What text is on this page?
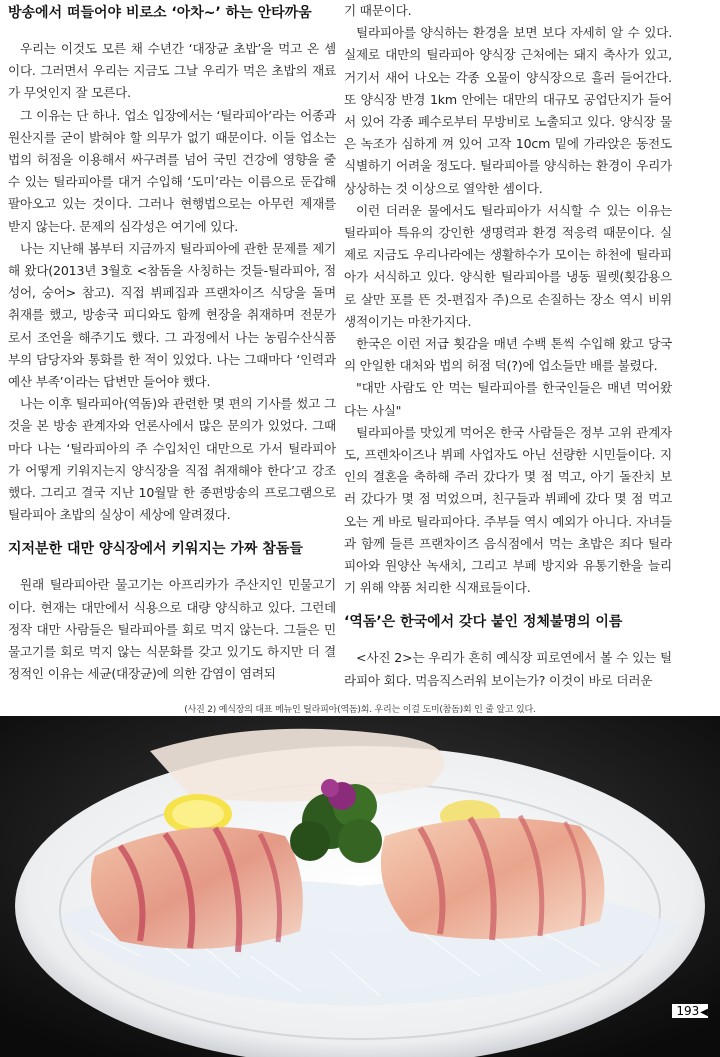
방송에서 떠들어야 비로소 ‘아차~’ 하는 안타까움

우리는 이것도 모른 채 수년간 ‘대장균 초밥’을 먹고 온 셈이다. 그러면서 우리는 지금도 그날 우리가 먹은 초밥의 재료가 무엇인지 잘 모른다.

그 이유는 단 하나. 업소 입장에서는 ‘틸라피아’라는 어종과 원산지를 굳이 밝혀야 할 의무가 없기 때문이다. 이들 업소는 법의 허점을 이용해서 싸구려를 넘어 국민 건강에 영향을 줄 수 있는 틸라피아를 대거 수입해 ‘도미’라는 이름으로 둔갑해 팔아오고 있는 것이다. 그러나 현행법으로는 아무런 제재를 받지 않는다. 문제의 심각성은 여기에 있다.

나는 지난해 봄부터 지금까지 틸라피아에 관한 문제를 제기해 왔다(2013년 3월호 <참돔을 사칭하는 것들-틸라피아, 점성어, 숭어> 참고). 직접 뷔페집과 프랜차이즈 식당을 돌며 취재를 했고, 방송국 피디와도 함께 현장을 취재하며 전문가로서 조언을 해주기도 했다. 그 과정에서 나는 농림수산식품부의 담당자와 통화를 한 적이 있었다. 나는 그때마다 ‘인력과 예산 부족’이라는 답변만 들어야 했다.

나는 이후 틸라피아(역돔)와 관련한 몇 편의 기사를 썼고 그것을 본 방송 관계자와 언론사에서 많은 문의가 있었다. 그때마다 나는 ‘틸라피아의 주 수입처인 대만으로 가서 틸라피아가 어떻게 키워지는지 양식장을 직접 취재해야 한다’고 강조했다. 그리고 결국 지난 10월말 한 종편방송의 프로그램으로 틸라피아 초밥의 실상이 세상에 알려졌다.

지저분한 대만 양식장에서 키워지는 가짜 참돔들

원래 틸라피아란 물고기는 아프리카가 주산지인 민물고기이다. 현재는 대만에서 식용으로 대량 양식하고 있다. 그런데 정작 대만 사람들은 틸라피아를 회로 먹지 않는다. 그들은 민물고기를 회로 먹지 않는 식문화를 갖고 있기도 하지만 더 결정적인 이유는 세균(대장균)에 의한 감염이 염려되

기 때문이다.

틸라피아를 양식하는 환경을 보면 보다 자세히 알 수 있다. 실제로 대만의 틸라피아 양식장 근처에는 돼지 축사가 있고, 거기서 새어 나오는 각종 오물이 양식장으로 흘러 들어간다. 또 양식장 반경 1km 안에는 대만의 대규모 공업단지가 들어서 있어 각종 폐수로부터 무방비로 노출되고 있다. 양식장 물은 녹조가 심하게 껴 있어 고작 10cm 밑에 가라앉은 동전도 식별하기 어려울 정도다. 틸라피아를 양식하는 환경이 우리가 상상하는 것 이상으로 열악한 셈이다.

이런 더러운 물에서도 틸라피아가 서식할 수 있는 이유는 틸라피아 특유의 강인한 생명력과 환경 적응력 때문이다. 실제로 지금도 우리나라에는 생활하수가 모이는 하천에 틸라피아가 서식하고 있다. 양식한 틸라피아를 냉동 필렛(횟감용으로 살만 포를 뜬 것-편집자 주)으로 손질하는 장소 역시 비위생적이기는 마찬가지다.

한국은 이런 저급 횟감을 매년 수백 톤씩 수입해 왔고 당국의 안일한 대처와 법의 허점 덕(?)에 업소들만 배를 불렸다.

"대만 사람도 안 먹는 틸라피아를 한국인들은 매년 먹어왔다는 사실"

틸라피아를 맛있게 먹어온 한국 사람들은 정부 고위 관계자도, 프렌차이즈나 뷔페 사업자도 아닌 선량한 시민들이다. 지인의 결혼을 축하해 주러 갔다가 몇 점 먹고, 아기 돌잔치 보러 갔다가 몇 점 먹었으며, 친구들과 뷔페에 갔다 몇 점 먹고 오는 게 바로 틸라피아다. 주부들 역시 예외가 아니다. 자녀들과 함께 들른 프랜차이즈 음식점에서 먹는 초밥은 죄다 틸라피아와 원양산 녹새치, 그리고 부페 방지와 유통기한을 늘리기 위해 약품 처리한 식재료들이다.

‘역돔’은 한국에서 갖다 붙인 정체불명의 이름

<사진 2>는 우리가 흔히 예식장 피로연에서 볼 수 있는 틸라피아 회다. 먹음직스러워 보이는가? 이것이 바로 더러운

(사진 2) 예식장의 대표 메뉴인 틸라피아(역돔)회. 우리는 이걸 도미(참돔)회 인 줄 알고 있다.
193◀
